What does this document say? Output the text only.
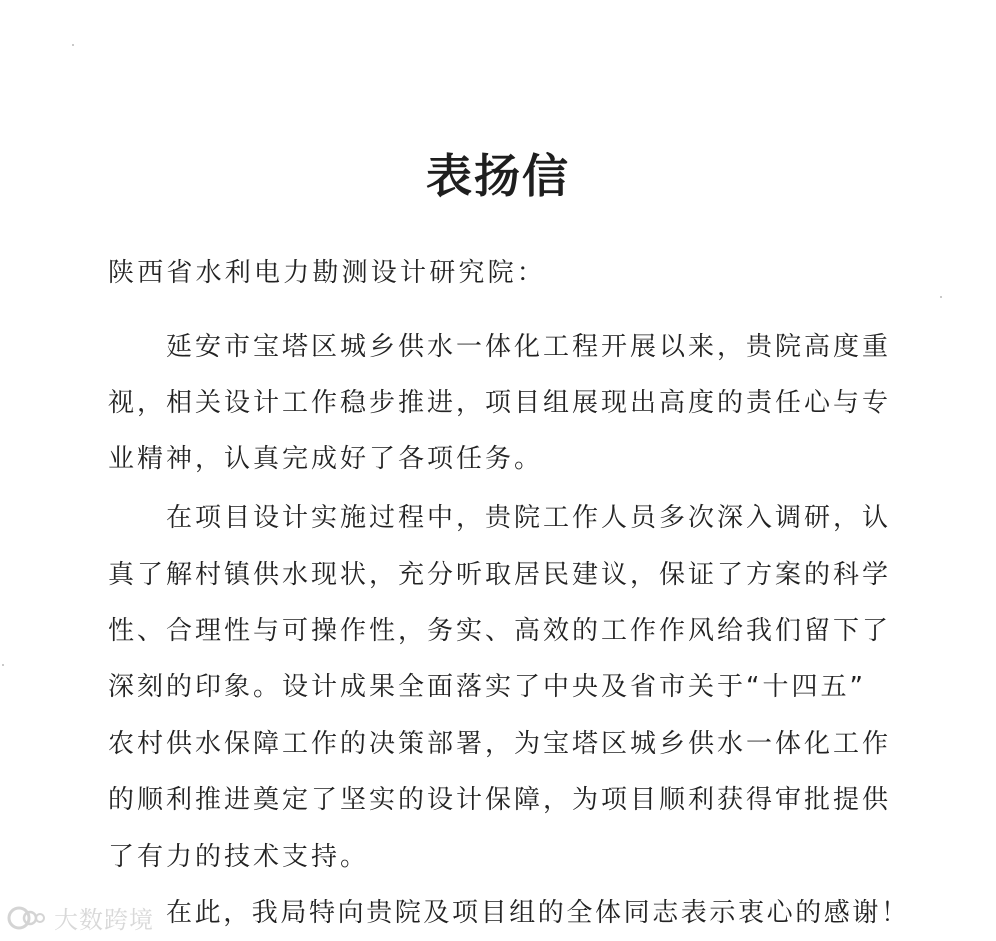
表扬信
陕西省水利电力勘测设计研究院：
延安市宝塔区城乡供水一体化工程开展以来，贵院高度重
视，相关设计工作稳步推进，项目组展现出高度的责任心与专
业精神，认真完成好了各项任务。
在项目设计实施过程中，贵院工作人员多次深入调研，认
真了解村镇供水现状，充分听取居民建议，保证了方案的科学
性、合理性与可操作性，务实、高效的工作作风给我们留下了
深刻的印象。设计成果全面落实了中央及省市关于“十四五”
农村供水保障工作的决策部署，为宝塔区城乡供水一体化工作
的顺利推进奠定了坚实的设计保障，为项目顺利获得审批提供
了有力的技术支持。
在此，我局特向贵院及项目组的全体同志表示衷心的感谢！
大数跨境
